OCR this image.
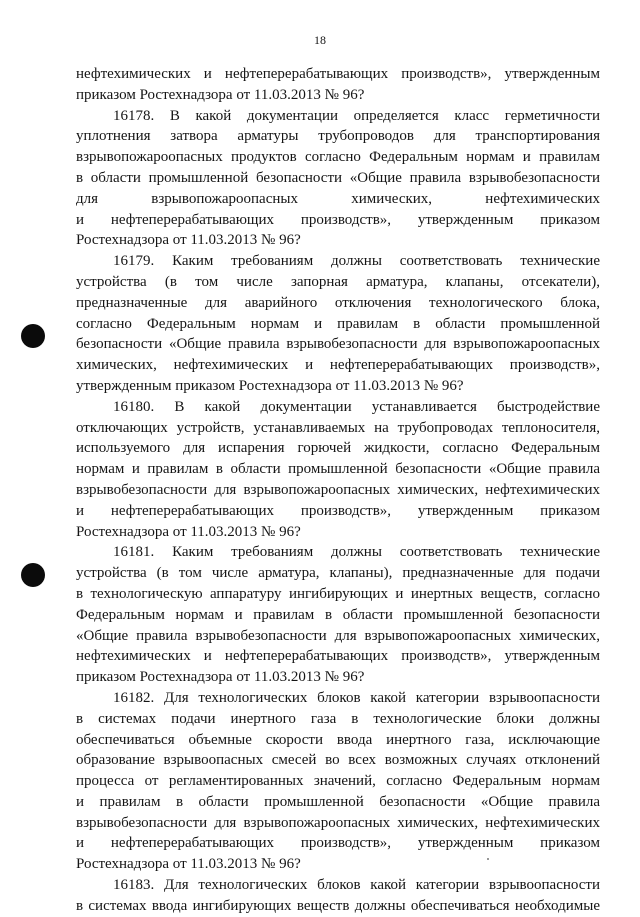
18
нефтехимических и нефтеперерабатывающих производств», утвержденным
приказом Ростехнадзора от 11.03.2013 № 96?
16178. В какой документации определяется класс герметичности
уплотнения затвора арматуры трубопроводов для транспортирования
взрывопожароопасных продуктов согласно Федеральным нормам и правилам
в области промышленной безопасности «Общие правила взрывобезопасности
для взрывопожароопасных химических, нефтехимических
и нефтеперерабатывающих производств», утвержденным приказом
Ростехнадзора от 11.03.2013 № 96?
16179. Каким требованиям должны соответствовать технические
устройства (в том числе запорная арматура, клапаны, отсекатели),
предназначенные для аварийного отключения технологического блока,
согласно Федеральным нормам и правилам в области промышленной
безопасности «Общие правила взрывобезопасности для взрывопожароопасных
химических, нефтехимических и нефтеперерабатывающих производств»,
утвержденным приказом Ростехнадзора от 11.03.2013 № 96?
16180. В какой документации устанавливается быстродействие
отключающих устройств, устанавливаемых на трубопроводах теплоносителя,
используемого для испарения горючей жидкости, согласно Федеральным
нормам и правилам в области промышленной безопасности «Общие правила
взрывобезопасности для взрывопожароопасных химических, нефтехимических
и нефтеперерабатывающих производств», утвержденным приказом
Ростехнадзора от 11.03.2013 № 96?
16181. Каким требованиям должны соответствовать технические
устройства (в том числе арматура, клапаны), предназначенные для подачи
в технологическую аппаратуру ингибирующих и инертных веществ, согласно
Федеральным нормам и правилам в области промышленной безопасности
«Общие правила взрывобезопасности для взрывопожароопасных химических,
нефтехимических и нефтеперерабатывающих производств», утвержденным
приказом Ростехнадзора от 11.03.2013 № 96?
16182. Для технологических блоков какой категории взрывоопасности
в системах подачи инертного газа в технологические блоки должны
обеспечиваться объемные скорости ввода инертного газа, исключающие
образование взрывоопасных смесей во всех возможных случаях отклонений
процесса от регламентированных значений, согласно Федеральным нормам
и правилам в области промышленной безопасности «Общие правила
взрывобезопасности для взрывопожароопасных химических, нефтехимических
и нефтеперерабатывающих производств», утвержденным приказом
Ростехнадзора от 11.03.2013 № 96?
16183. Для технологических блоков какой категории взрывоопасности
в системах ввода ингибирующих веществ должны обеспечиваться необходимые
